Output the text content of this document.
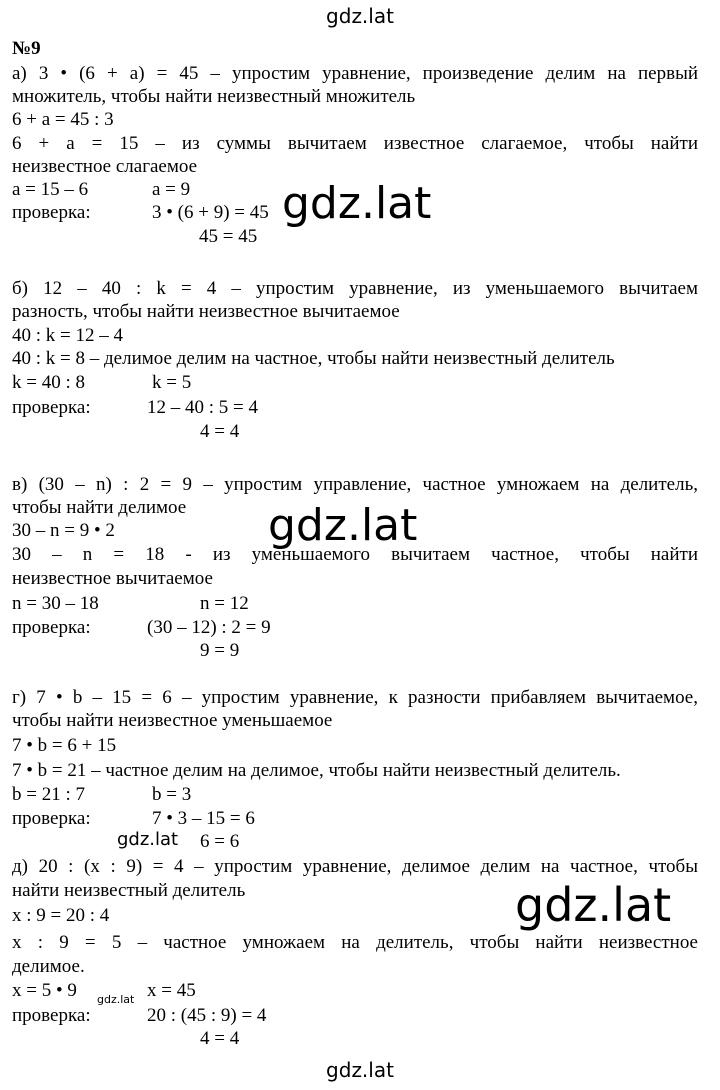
gdz.lat
gdz.lat
gdz.lat
gdz.lat
gdz.lat
gdz.lat
gdz.lat
№9
а) 3 • (6 + a) = 45 – упростим уравнение, произведение делим на первый
множитель, чтобы найти неизвестный множитель
6 + a = 45 : 3
6 + a = 15 – из суммы вычитаем известное слагаемое, чтобы найти
неизвестное слагаемое
a = 15 – 6	a = 9
проверка:	3 • (6 + 9) = 45
45 = 45
б) 12 – 40 : k = 4 – упростим уравнение, из уменьшаемого вычитаем
разность, чтобы найти неизвестное вычитаемое
40 : k = 12 – 4
40 : k = 8 – делимое делим на частное, чтобы найти неизвестный делитель
k = 40 : 8	k = 5
проверка:	12 – 40 : 5 = 4
4 = 4
в) (30 – n) : 2 = 9 – упростим управление, частное умножаем на делитель,
чтобы найти делимое
30 – n = 9 • 2
30 – n = 18 - из уменьшаемого вычитаем частное, чтобы найти
неизвестное вычитаемое
n = 30 – 18	n = 12
проверка:	(30 – 12) : 2 = 9
9 = 9
г) 7 • b – 15 = 6 – упростим уравнение, к разности прибавляем вычитаемое,
чтобы найти неизвестное уменьшаемое
7 • b = 6 + 15
7 • b = 21 – частное делим на делимое, чтобы найти неизвестный делитель.
b = 21 : 7	b = 3
проверка:	7 • 3 – 15 = 6
6 = 6
д) 20 : (x : 9) = 4 – упростим уравнение, делимое делим на частное, чтобы
найти неизвестный делитель
x : 9 = 20 : 4
x : 9 = 5 – частное умножаем на делитель, чтобы найти неизвестное
делимое.
x = 5 • 9	x = 45
проверка:	20 : (45 : 9) = 4
4 = 4
